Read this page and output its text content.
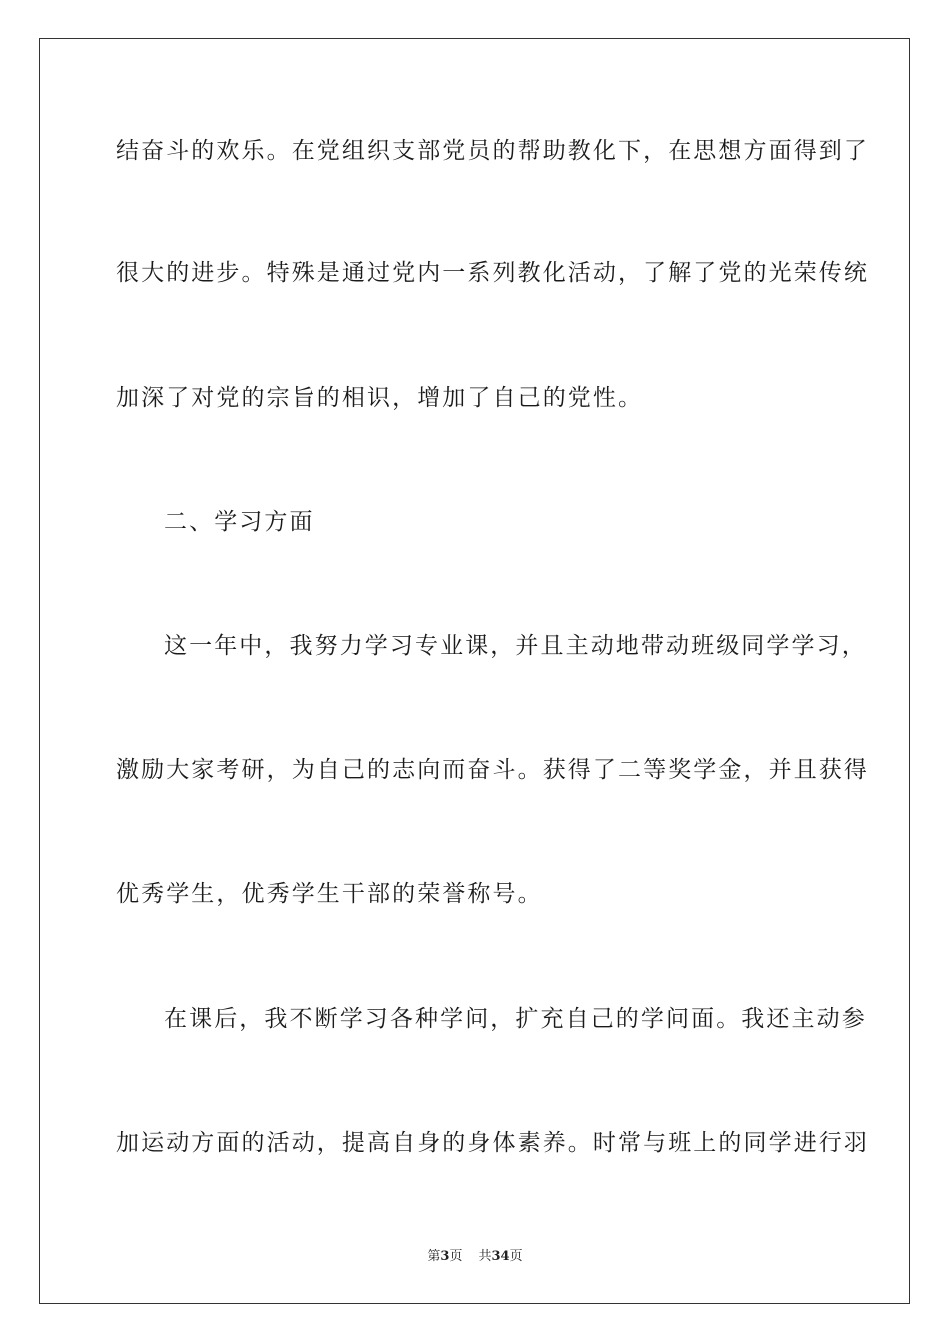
结奋斗的欢乐。在党组织支部党员的帮助教化下，在思想方面得到了
很大的进步。特殊是通过党内一系列教化活动，了解了党的光荣传统
加深了对党的宗旨的相识，增加了自己的党性。
二、学习方面
这一年中，我努力学习专业课，并且主动地带动班级同学学习，
激励大家考研，为自己的志向而奋斗。获得了二等奖学金，并且获得
优秀学生，优秀学生干部的荣誉称号。
在课后，我不断学习各种学问，扩充自己的学问面。我还主动参
加运动方面的活动，提高自身的身体素养。时常与班上的同学进行羽
第3页 共34页
